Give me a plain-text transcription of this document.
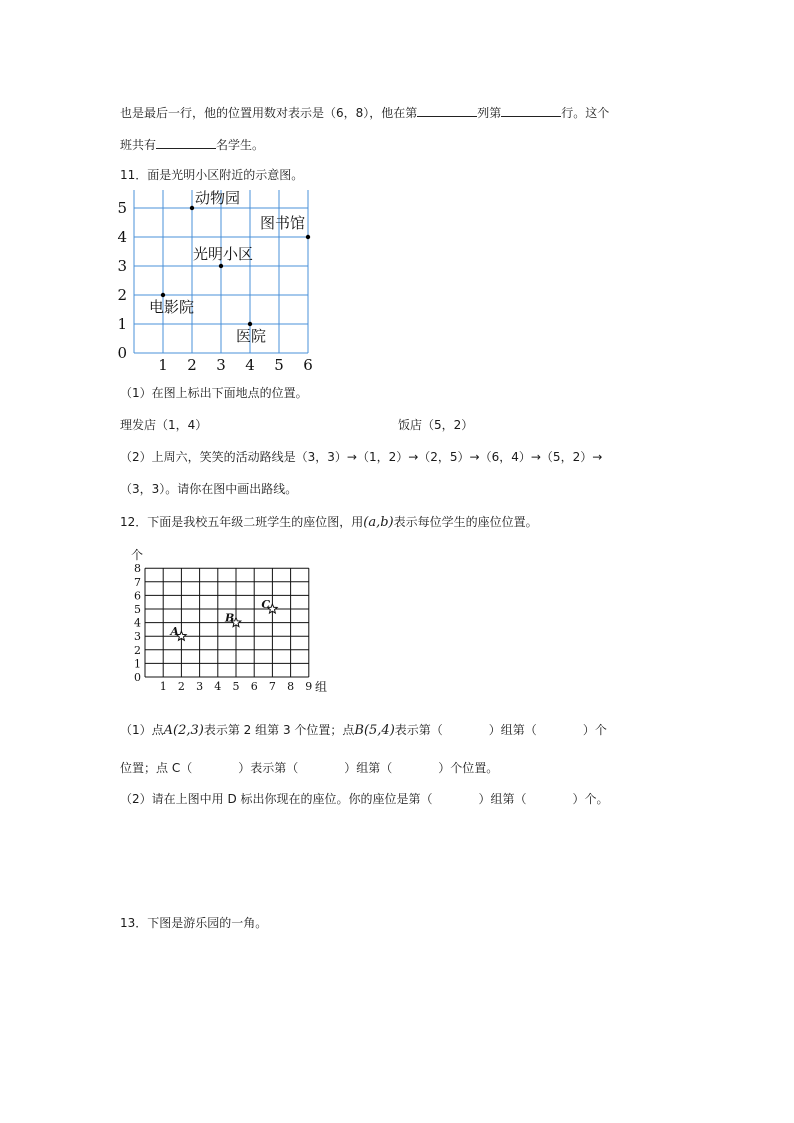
也是最后一行，他的位置用数对表示是（6，8），他在第	列第	行。这个
班共有	名学生。
11．面是光明小区附近的示意图。
1 2 3 4 5 6
0
1
2
3
4
5
动物园
图书馆
光明小区
电影院
医院
（1）在图上标出下面地点的位置。
理发店（1，4）	饭店（5，2）
（2）上周六，笑笑的活动路线是（3，3）→（1，2）→（2，5）→（6，4）→（5，2）→
（3，3）。请你在图中画出路线。
12．下面是我校五年级二班学生的座位图，用(a,b)表示每位学生的座位位置。
1 2 3 4 5 6 7 8 9
0
1
2
3
4
5
6
7
8
A
B
C
个
组
（1）点A(2,3)表示第 2 组第 3 个位置；点B(5,4)表示第（	）组第（	）个
位置；点 C（	）表示第（	）组第（	）个位置。
（2）请在上图中用 D 标出你现在的座位。你的座位是第（	）组第（	）个。
13．下图是游乐园的一角。
